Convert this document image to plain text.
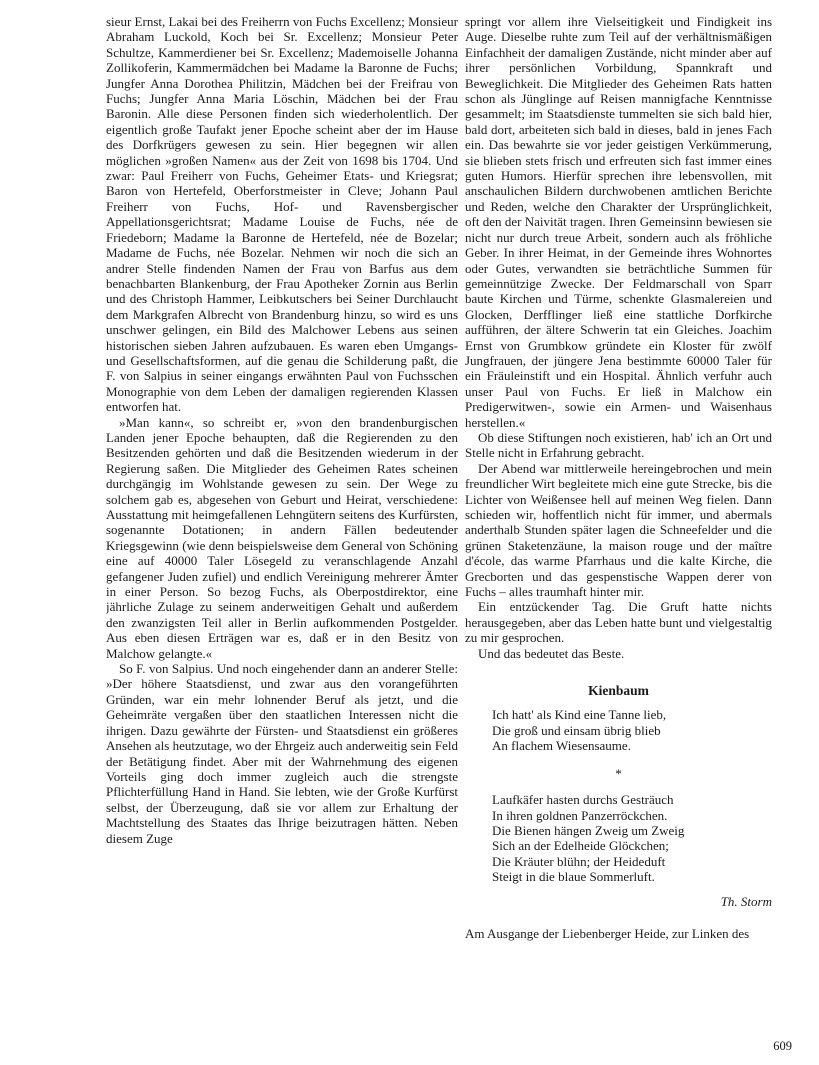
sieur Ernst, Lakai bei des Freiherrn von Fuchs Excellenz; Monsieur Abraham Luckold, Koch bei Sr. Excellenz; Monsieur Peter Schultze, Kammerdiener bei Sr. Excellenz; Mademoiselle Johanna Zollikoferin, Kammermädchen bei Madame la Baronne de Fuchs; Jungfer Anna Dorothea Philitzin, Mädchen bei der Freifrau von Fuchs; Jungfer Anna Maria Löschin, Mädchen bei der Frau Baronin. Alle diese Personen finden sich wiederholentlich. Der eigentlich große Taufakt jener Epoche scheint aber der im Hause des Dorfkrügers gewesen zu sein. Hier begegnen wir allen möglichen »großen Namen« aus der Zeit von 1698 bis 1704. Und zwar: Paul Freiherr von Fuchs, Geheimer Etats- und Kriegsrat; Baron von Hertefeld, Oberforstmeister in Cleve; Johann Paul Freiherr von Fuchs, Hof- und Ravensbergischer Appellationsgerichtsrat; Madame Louise de Fuchs, née de Friedeborn; Madame la Baronne de Hertefeld, née de Bozelar; Madame de Fuchs, née Bozelar. Nehmen wir noch die sich an andrer Stelle findenden Namen der Frau von Barfus aus dem benachbarten Blankenburg, der Frau Apotheker Zornin aus Berlin und des Christoph Hammer, Leibkutschers bei Seiner Durchlaucht dem Markgrafen Albrecht von Brandenburg hinzu, so wird es uns unschwer gelingen, ein Bild des Malchower Lebens aus seinen historischen sieben Jahren aufzubauen. Es waren eben Umgangs- und Gesellschaftsformen, auf die genau die Schilderung paßt, die F. von Salpius in seiner eingangs erwähnten Paul von Fuchsschen Monographie von dem Leben der damaligen regierenden Klassen entworfen hat.

»Man kann«, so schreibt er, »von den brandenburgischen Landen jener Epoche behaupten, daß die Regierenden zu den Besitzenden gehörten und daß die Besitzenden wiederum in der Regierung saßen. Die Mitglieder des Geheimen Rates scheinen durchgängig im Wohlstande gewesen zu sein. Der Wege zu solchem gab es, abgesehen von Geburt und Heirat, verschiedene: Ausstattung mit heimgefallenen Lehngütern seitens des Kurfürsten, sogenannte Dotationen; in andern Fällen bedeutender Kriegsgewinn (wie denn beispielsweise dem General von Schöning eine auf 40000 Taler Lösegeld zu veranschlagende Anzahl gefangener Juden zufiel) und endlich Vereinigung mehrerer Ämter in einer Person. So bezog Fuchs, als Oberpostdirektor, eine jährliche Zulage zu seinem anderweitigen Gehalt und außerdem den zwanzigsten Teil aller in Berlin aufkommenden Postgelder. Aus eben diesen Erträgen war es, daß er in den Besitz von Malchow gelangte.«

So F. von Salpius. Und noch eingehender dann an anderer Stelle: »Der höhere Staatsdienst, und zwar aus den vorangeführten Gründen, war ein mehr lohnender Beruf als jetzt, und die Geheimräte vergaßen über den staatlichen Interessen nicht die ihrigen. Dazu gewährte der Fürsten- und Staatsdienst ein größeres Ansehen als heutzutage, wo der Ehrgeiz auch anderweitig sein Feld der Betätigung findet. Aber mit der Wahrnehmung des eigenen Vorteils ging doch immer zugleich auch die strengste Pflichterfüllung Hand in Hand. Sie lebten, wie der Große Kurfürst selbst, der Überzeugung, daß sie vor allem zur Erhaltung der Machtstellung des Staates das Ihrige beizutragen hätten. Neben diesem Zuge

springt vor allem ihre Vielseitigkeit und Findigkeit ins Auge. Dieselbe ruhte zum Teil auf der verhältnismäßigen Einfachheit der damaligen Zustände, nicht minder aber auf ihrer persönlichen Vorbildung, Spannkraft und Beweglichkeit. Die Mitglieder des Geheimen Rats hatten schon als Jünglinge auf Reisen mannigfache Kenntnisse gesammelt; im Staatsdienste tummelten sie sich bald hier, bald dort, arbeiteten sich bald in dieses, bald in jenes Fach ein. Das bewahrte sie vor jeder geistigen Verkümmerung, sie blieben stets frisch und erfreuten sich fast immer eines guten Humors. Hierfür sprechen ihre lebensvollen, mit anschaulichen Bildern durchwobenen amtlichen Berichte und Reden, welche den Charakter der Ursprünglichkeit, oft den der Naivität tragen. Ihren Gemeinsinn bewiesen sie nicht nur durch treue Arbeit, sondern auch als fröhliche Geber. In ihrer Heimat, in der Gemeinde ihres Wohnortes oder Gutes, verwandten sie beträchtliche Summen für gemeinnützige Zwecke. Der Feldmarschall von Sparr baute Kirchen und Türme, schenkte Glasmalereien und Glocken, Derfflinger ließ eine stattliche Dorfkirche aufführen, der ältere Schwerin tat ein Gleiches. Joachim Ernst von Grumbkow gründete ein Kloster für zwölf Jungfrauen, der jüngere Jena bestimmte 60000 Taler für ein Fräuleinstift und ein Hospital. Ähnlich verfuhr auch unser Paul von Fuchs. Er ließ in Malchow ein Predigerwitwen-, sowie ein Armen- und Waisenhaus herstellen.«

Ob diese Stiftungen noch existieren, hab' ich an Ort und Stelle nicht in Erfahrung gebracht.

Der Abend war mittlerweile hereingebrochen und mein freundlicher Wirt begleitete mich eine gute Strecke, bis die Lichter von Weißensee hell auf meinen Weg fielen. Dann schieden wir, hoffentlich nicht für immer, und abermals anderthalb Stunden später lagen die Schneefelder und die grünen Staketenzäune, la maison rouge und der maître d'école, das warme Pfarrhaus und die kalte Kirche, die Grecborten und das gespenstische Wappen derer von Fuchs – alles traumhaft hinter mir.

Ein entzückender Tag. Die Gruft hatte nichts herausgegeben, aber das Leben hatte bunt und vielgestaltig zu mir gesprochen.

Und das bedeutet das Beste.

Kienbaum
Ich hatt' als Kind eine Tanne lieb,
Die groß und einsam übrig blieb
An flachem Wiesensaume.
*
Laufkäfer hasten durchs Gesträuch
In ihren goldnen Panzerröckchen.
Die Bienen hängen Zweig um Zweig
Sich an der Edelheide Glöckchen;
Die Kräuter blühn; der Heideduft
Steigt in die blaue Sommerluft.
Th. Storm

Am Ausgange der Liebenberger Heide, zur Linken des

609
